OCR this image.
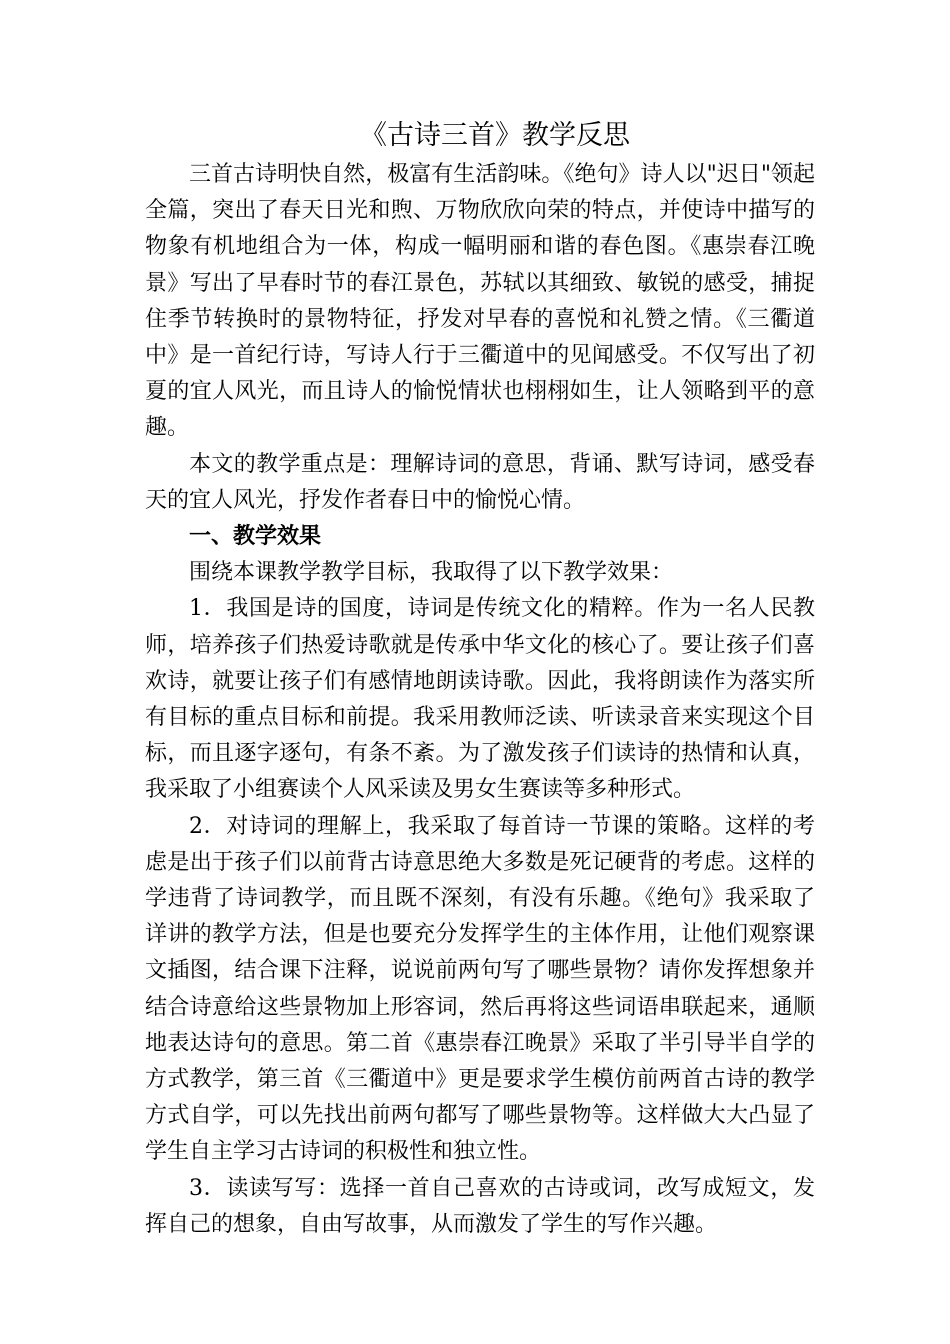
《古诗三首》教学反思

三首古诗明快自然，极富有生活韵味。《绝句》诗人以"迟日"领起全篇，突出了春天日光和煦、万物欣欣向荣的特点，并使诗中描写的物象有机地组合为一体，构成一幅明丽和谐的春色图。《惠崇春江晚景》写出了早春时节的春江景色，苏轼以其细致、敏锐的感受，捕捉住季节转换时的景物特征，抒发对早春的喜悦和礼赞之情。《三衢道中》是一首纪行诗，写诗人行于三衢道中的见闻感受。不仅写出了初夏的宜人风光，而且诗人的愉悦情状也栩栩如生，让人领略到平的意趣。

本文的教学重点是：理解诗词的意思，背诵、默写诗词，感受春天的宜人风光，抒发作者春日中的愉悦心情。

一、教学效果

围绕本课教学教学目标，我取得了以下教学效果：

1．我国是诗的国度，诗词是传统文化的精粹。作为一名人民教师，培养孩子们热爱诗歌就是传承中华文化的核心了。要让孩子们喜欢诗，就要让孩子们有感情地朗读诗歌。因此，我将朗读作为落实所有目标的重点目标和前提。我采用教师泛读、听读录音来实现这个目标，而且逐字逐句，有条不紊。为了激发孩子们读诗的热情和认真，我采取了小组赛读个人风采读及男女生赛读等多种形式。

2．对诗词的理解上，我采取了每首诗一节课的策略。这样的考虑是出于孩子们以前背古诗意思绝大多数是死记硬背的考虑。这样的学违背了诗词教学，而且既不深刻，有没有乐趣。《绝句》我采取了详讲的教学方法，但是也要充分发挥学生的主体作用，让他们观察课文插图，结合课下注释，说说前两句写了哪些景物？请你发挥想象并结合诗意给这些景物加上形容词，然后再将这些词语串联起来，通顺地表达诗句的意思。第二首《惠崇春江晚景》采取了半引导半自学的方式教学，第三首《三衢道中》更是要求学生模仿前两首古诗的教学方式自学，可以先找出前两句都写了哪些景物等。这样做大大凸显了学生自主学习古诗词的积极性和独立性。

3．读读写写：选择一首自己喜欢的古诗或词，改写成短文，发挥自己的想象，自由写故事，从而激发了学生的写作兴趣。
